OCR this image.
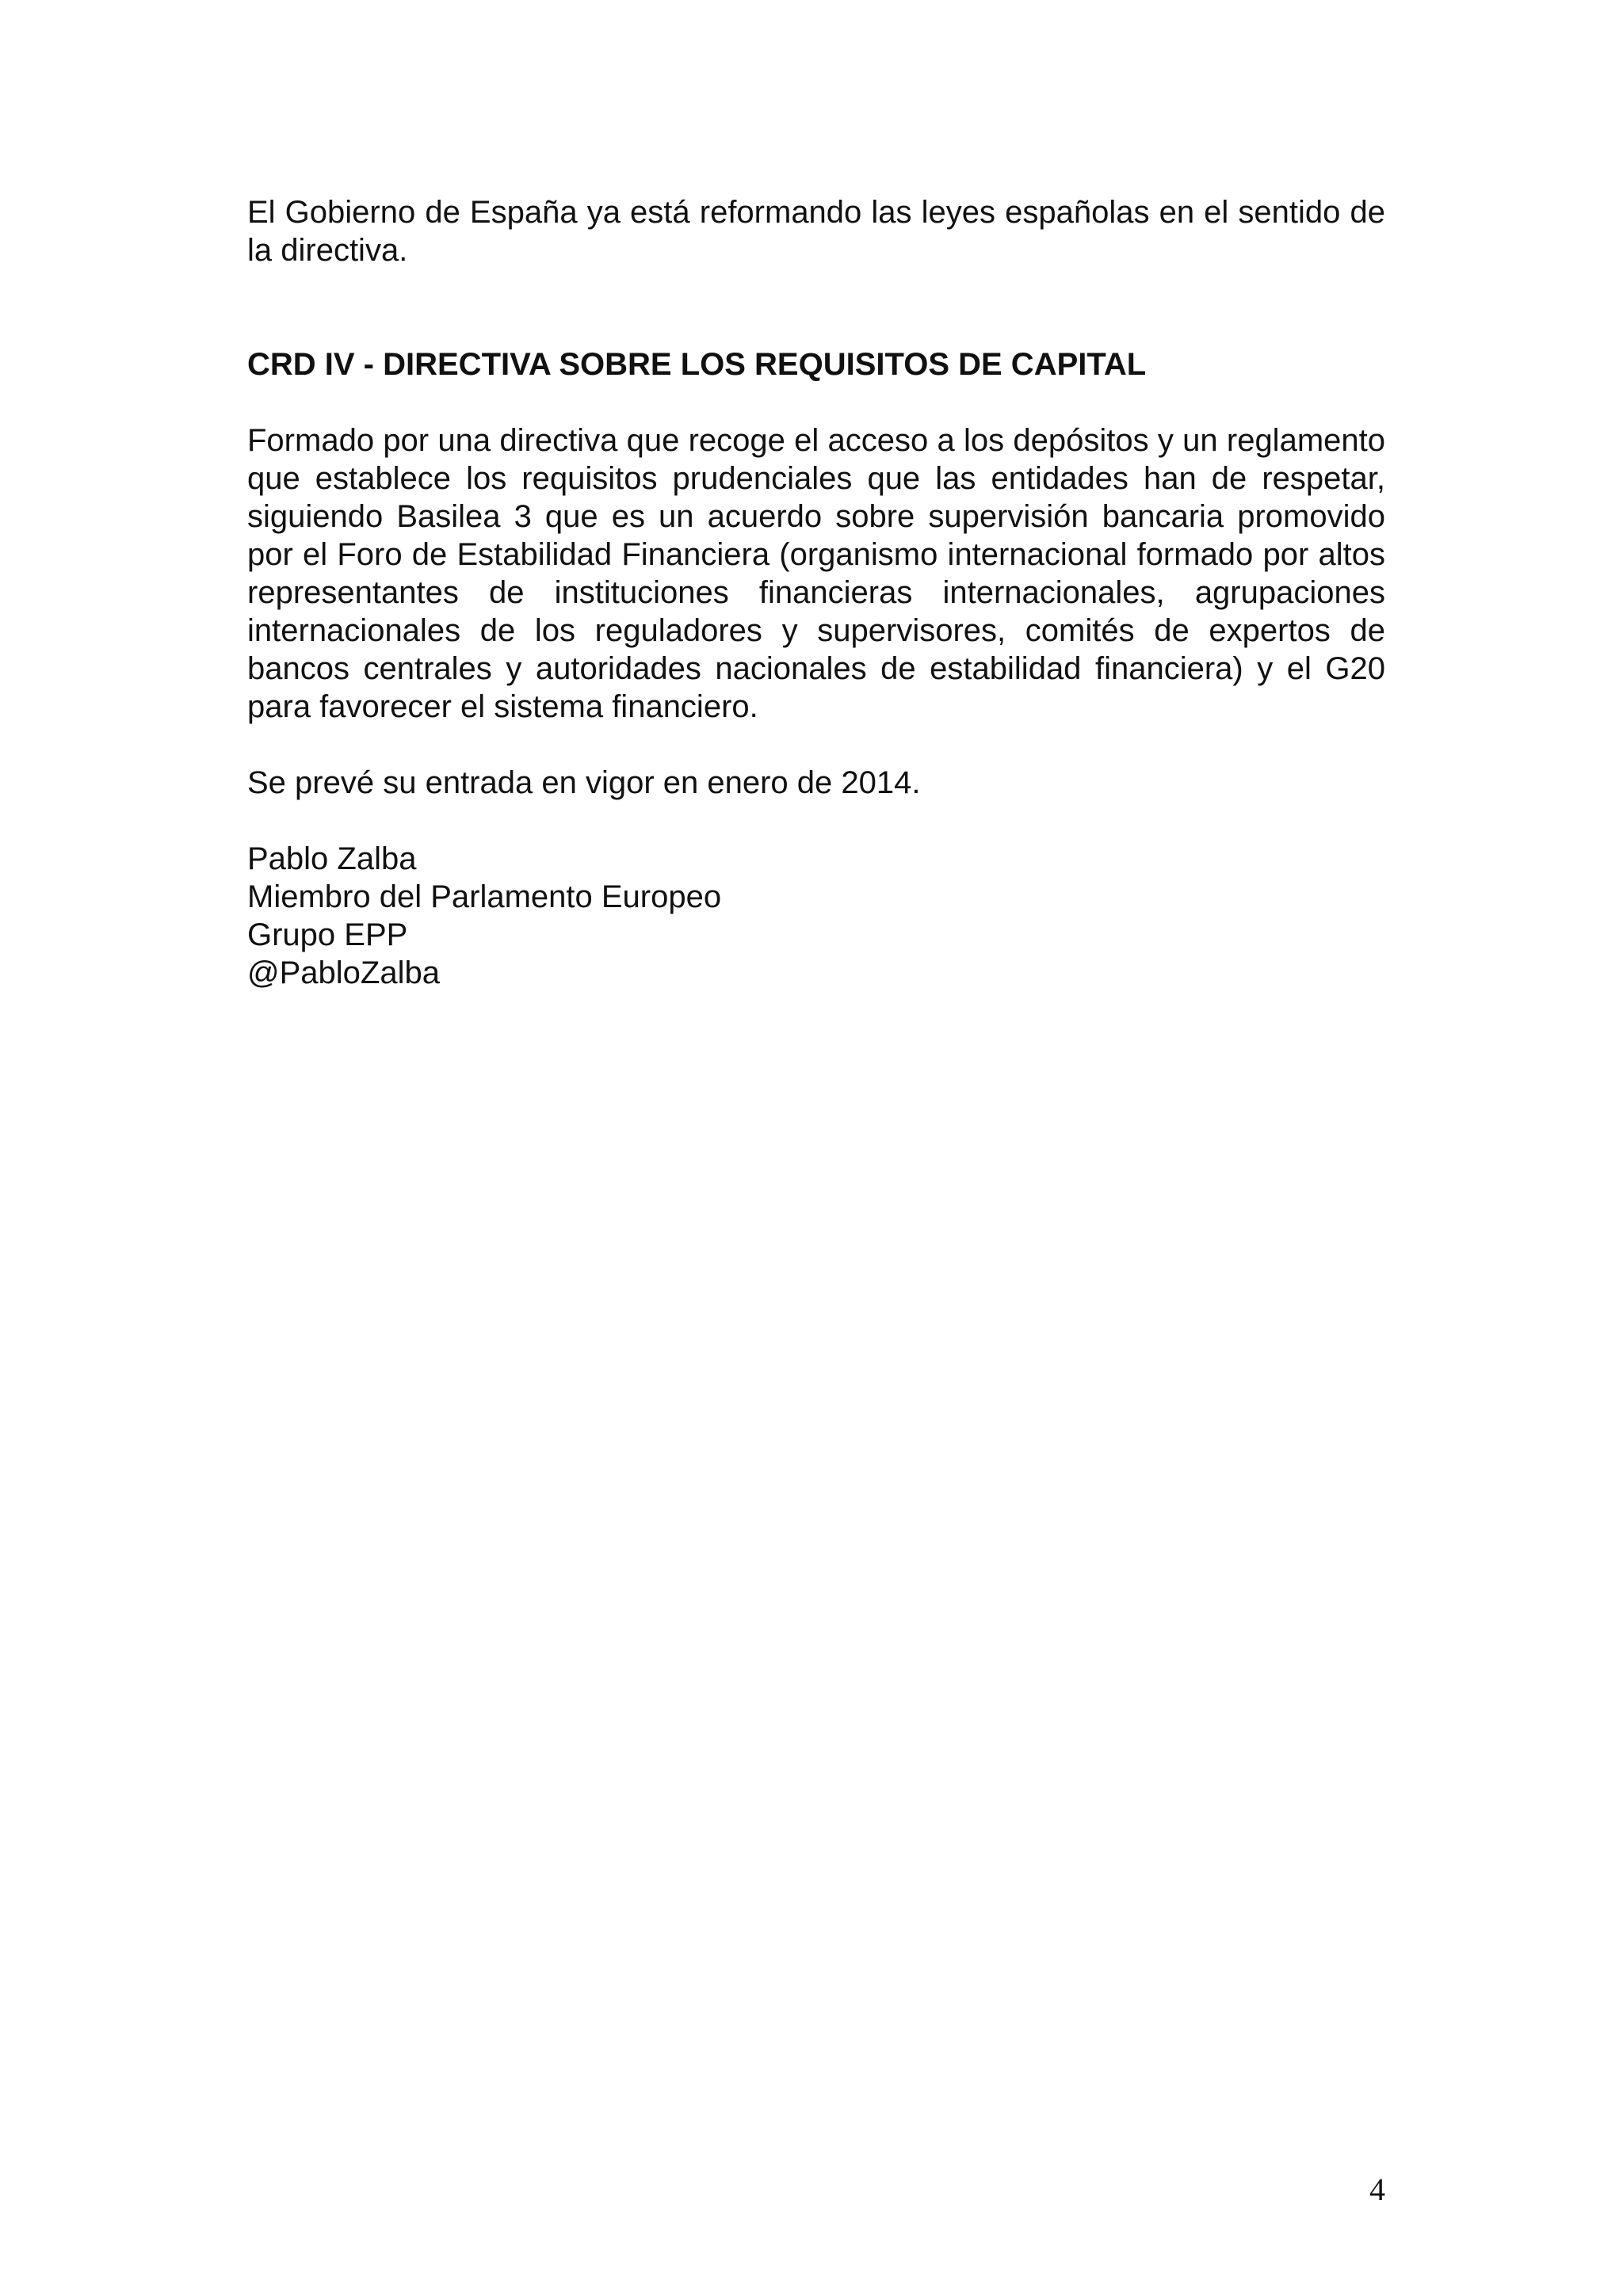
El Gobierno de España ya está reformando las leyes españolas en el sentido de la directiva.

CRD IV - DIRECTIVA SOBRE LOS REQUISITOS DE CAPITAL

Formado por una directiva que recoge el acceso a los depósitos y un reglamento que establece los requisitos prudenciales que las entidades han de respetar, siguiendo Basilea 3 que es un acuerdo sobre supervisión bancaria promovido por el Foro de Estabilidad Financiera (organismo internacional formado por altos representantes de instituciones financieras internacionales, agrupaciones internacionales de los reguladores y supervisores, comités de expertos de bancos centrales y autoridades nacionales de estabilidad financiera) y el G20 para favorecer el sistema financiero.

Se prevé su entrada en vigor en enero de 2014.

Pablo Zalba
Miembro del Parlamento Europeo
Grupo EPP
@PabloZalba
4
